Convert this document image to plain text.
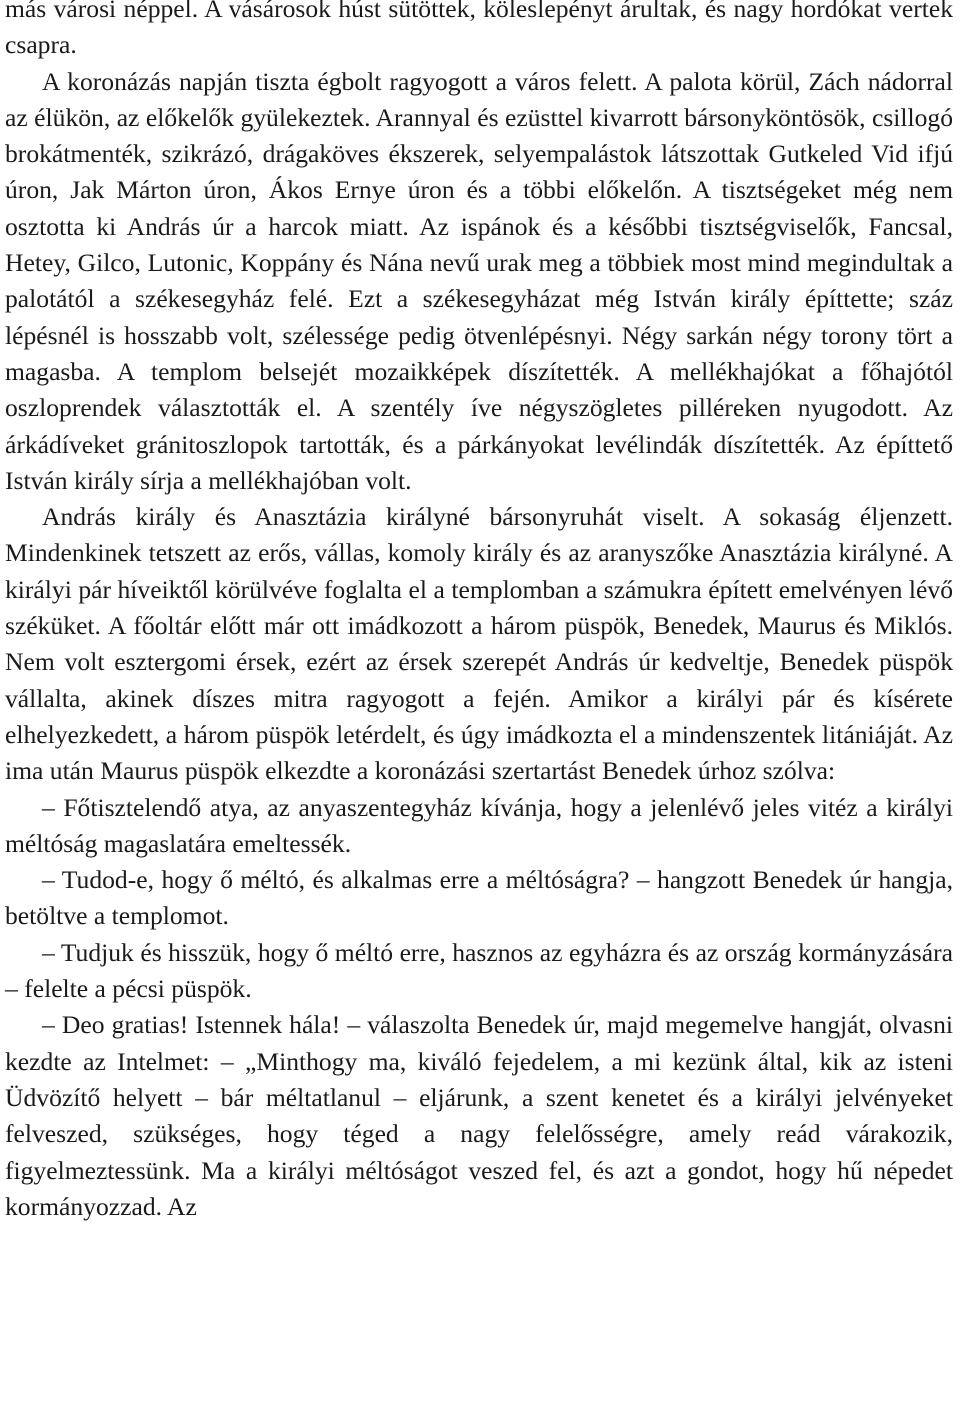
más városi néppel. A vásárosok húst sütöttek, köleslepényt árultak, és nagy hordókat vertek csapra.

A koronázás napján tiszta égbolt ragyogott a város felett. A palota körül, Zách nádorral az élükön, az előkelők gyülekeztek. Arannyal és ezüsttel kivarrott bársonyköntösök, csillogó brokátmenték, szikrázó, drágaköves ékszerek, selyempalástok látszottak Gutkeled Vid ifjú úron, Jak Márton úron, Ákos Ernye úron és a többi előkelőn. A tisztségeket még nem osztotta ki András úr a harcok miatt. Az ispánok és a későbbi tisztségviselők, Fancsal, Hetey, Gilco, Lutonic, Koppány és Nána nevű urak meg a többiek most mind megindultak a palotától a székesegyház felé. Ezt a székesegyházat még István király építtette; száz lépésnél is hosszabb volt, szélessége pedig ötvenlépésnyi. Négy sarkán négy torony tört a magasba. A templom belsejét mozaikképek díszítették. A mellékhajókat a főhajótól oszloprendek választották el. A szentély íve négyszögletes pilléreken nyugodott. Az árkádíveket gránitoszlopok tartották, és a párkányokat levélindák díszítették. Az építtető István király sírja a mellékhajóban volt.

András király és Anasztázia királyné bársonyruhát viselt. A sokaság éljenzett. Mindenkinek tetszett az erős, vállas, komoly király és az aranyszőke Anasztázia királyné. A királyi pár híveiktől körülvéve foglalta el a templomban a számukra épített emelvényen lévő széküket. A főoltár előtt már ott imádkozott a három püspök, Benedek, Maurus és Miklós. Nem volt esztergomi érsek, ezért az érsek szerepét András úr kedveltje, Benedek püspök vállalta, akinek díszes mitra ragyogott a fején. Amikor a királyi pár és kísérete elhelyezkedett, a három püspök letérdelt, és úgy imádkozta el a mindenszentek litániáját. Az ima után Maurus püspök elkezdte a koronázási szertartást Benedek úrhoz szólva:

– Főtisztelendő atya, az anyaszentegyház kívánja, hogy a jelenlévő jeles vitéz a királyi méltóság magaslatára emeltessék.

– Tudod-e, hogy ő méltó, és alkalmas erre a méltóságra? – hangzott Benedek úr hangja, betöltve a templomot.

– Tudjuk és hisszük, hogy ő méltó erre, hasznos az egyházra és az ország kormányzására – felelte a pécsi püspök.

– Deo gratias! Istennek hála! – válaszolta Benedek úr, majd megemelve hangját, olvasni kezdte az Intelmet: – „Minthogy ma, kiváló fejedelem, a mi kezünk által, kik az isteni Üdvözítő helyett – bár méltatlanul – eljárunk, a szent kenetet és a királyi jelvényeket felveszed, szükséges, hogy téged a nagy felelősségre, amely reád várakozik, figyelmeztessünk. Ma a királyi méltóságot veszed fel, és azt a gondot, hogy hű népedet kormányozzad. Az
